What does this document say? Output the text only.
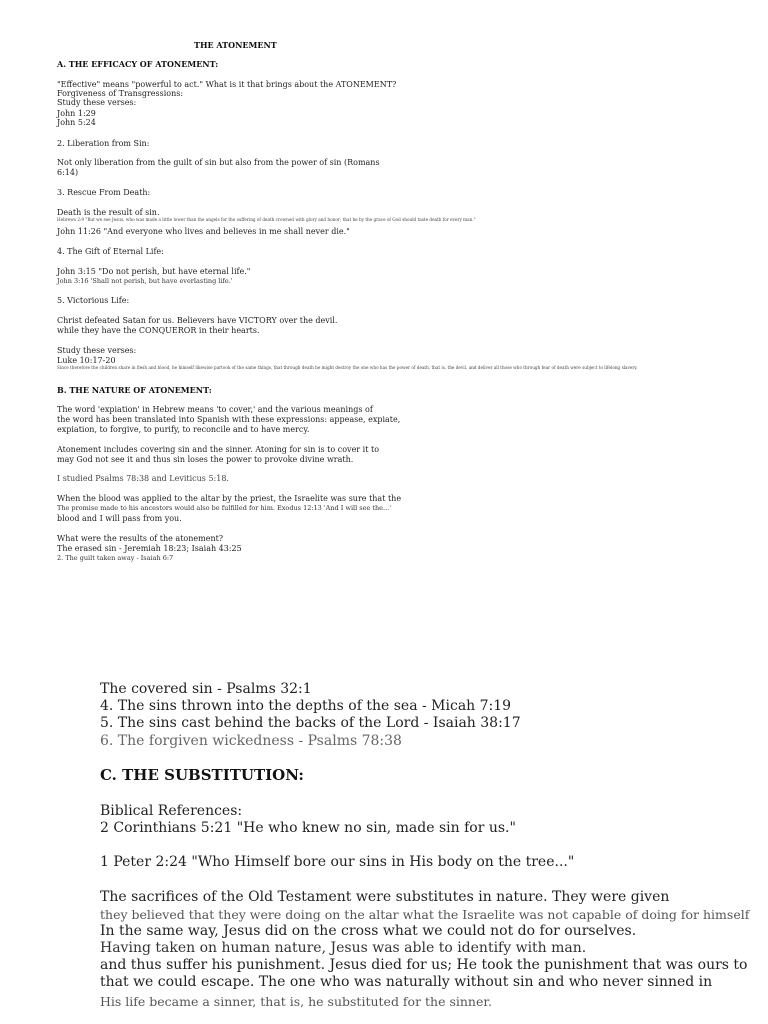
THE ATONEMENT

A. THE EFFICACY OF ATONEMENT:

"Effective" means "powerful to act." What is it that brings about the ATONEMENT?

Forgiveness of Transgressions:

Study these verses:

John 1:29

John 5:24

2. Liberation from Sin:

Not only liberation from the guilt of sin but also from the power of sin (Romans

6:14)

3. Rescue From Death:

Death is the result of sin.

Hebrews 2:9 "But we see Jesus, who was made a little lower than the angels for the suffering of death crowned with glory and honor; that he by the grace of God should taste death for every man."

John 11:26 "And everyone who lives and believes in me shall never die."

4. The Gift of Eternal Life:

John 3:15 "Do not perish, but have eternal life."

John 3:16 'Shall not perish, but have everlasting life.'

5. Victorious Life:

Christ defeated Satan for us. Believers have VICTORY over the devil.

while they have the CONQUEROR in their hearts.

Study these verses:

Luke 10:17-20

Since therefore the children share in flesh and blood, he himself likewise partook of the same things, that through death he might destroy the one who has the power of death, that is, the devil, and deliver all those who through fear of death were subject to lifelong slavery.

B. THE NATURE OF ATONEMENT:

The word 'expiation' in Hebrew means 'to cover,' and the various meanings of

the word has been translated into Spanish with these expressions: appease, expiate,

expiation, to forgive, to purify, to reconcile and to have mercy.

Atonement includes covering sin and the sinner. Atoning for sin is to cover it to

may God not see it and thus sin loses the power to provoke divine wrath.

I studied Psalms 78:38 and Leviticus 5:18.

When the blood was applied to the altar by the priest, the Israelite was sure that the

The promise made to his ancestors would also be fulfilled for him. Exodus 12:13 'And I will see the...'

blood and I will pass from you.

What were the results of the atonement?

The erased sin - Jeremiah 18:23; Isaiah 43:25

2. The guilt taken away - Isaiah 6:7

The covered sin - Psalms 32:1

4. The sins thrown into the depths of the sea - Micah 7:19

5. The sins cast behind the backs of the Lord - Isaiah 38:17

6. The forgiven wickedness - Psalms 78:38

C. THE SUBSTITUTION:

Biblical References:

2 Corinthians 5:21 "He who knew no sin, made sin for us."

1 Peter 2:24 "Who Himself bore our sins in His body on the tree..."

The sacrifices of the Old Testament were substitutes in nature. They were given

they believed that they were doing on the altar what the Israelite was not capable of doing for himself

In the same way, Jesus did on the cross what we could not do for ourselves.

Having taken on human nature, Jesus was able to identify with man.

and thus suffer his punishment. Jesus died for us; He took the punishment that was ours to

that we could escape. The one who was naturally without sin and who never sinned in

His life became a sinner, that is, he substituted for the sinner.
